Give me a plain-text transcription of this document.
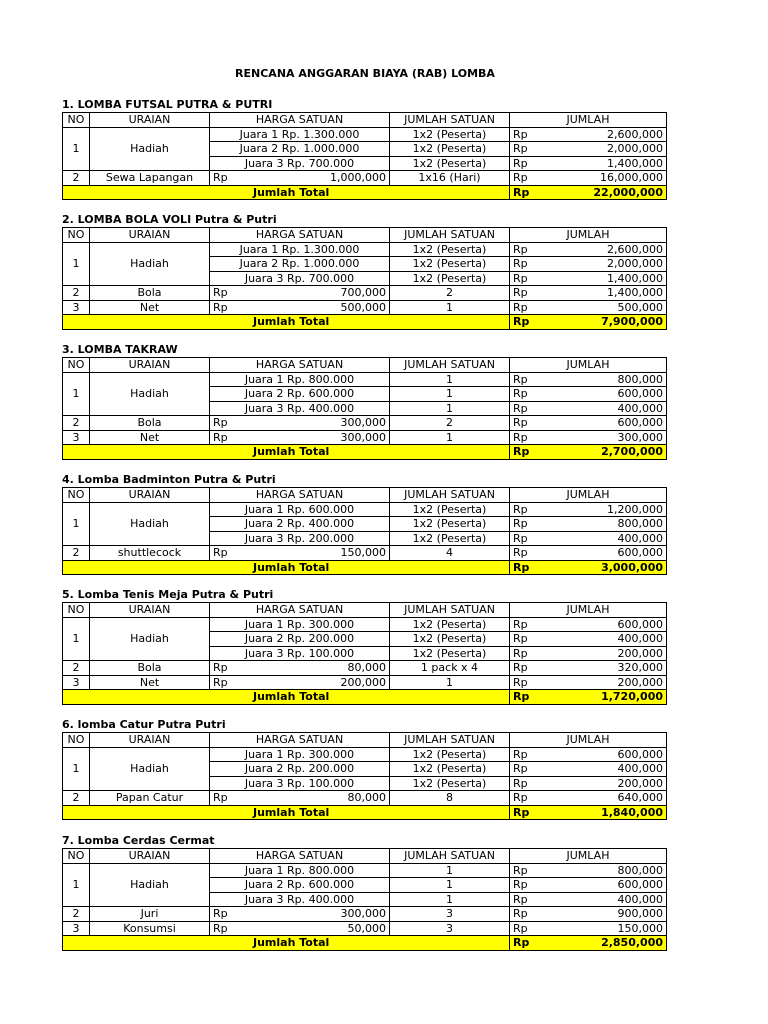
RENCANA ANGGARAN BIAYA (RAB) LOMBA
1. LOMBA FUTSAL PUTRA & PUTRI
NO	URAIAN	HARGA SATUAN	JUMLAH SATUAN	JUMLAH	
1	Hadiah	Juara 1 Rp. 1.300.000	1x2 (Peserta)	Rp	2,600,000
		Juara 2 Rp. 1.000.000	1x2 (Peserta)	Rp	2,000,000
		Juara 3 Rp. 700.000	1x2 (Peserta)	Rp	1,400,000
2	Sewa Lapangan	Rp 1,000,000	1x16 (Hari)	Rp	16,000,000
Jumlah Total				Rp	22,000,000
2. LOMBA BOLA VOLI Putra & Putri
NO	URAIAN	HARGA SATUAN	JUMLAH SATUAN	JUMLAH	
1	Hadiah	Juara 1 Rp. 1.300.000	1x2 (Peserta)	Rp	2,600,000
		Juara 2 Rp. 1.000.000	1x2 (Peserta)	Rp	2,000,000
		Juara 3 Rp. 700.000	1x2 (Peserta)	Rp	1,400,000
2	Bola	Rp 700,000	2	Rp	1,400,000
3	Net	Rp 500,000	1	Rp	500,000
Jumlah Total				Rp	7,900,000
3. LOMBA TAKRAW
NO	URAIAN	HARGA SATUAN	JUMLAH SATUAN	JUMLAH	
1	Hadiah	Juara 1 Rp. 800.000	1	Rp	800,000
		Juara 2 Rp. 600.000	1	Rp	600,000
		Juara 3 Rp. 400.000	1	Rp	400,000
2	Bola	Rp 300,000	2	Rp	600,000
3	Net	Rp 300,000	1	Rp	300,000
Jumlah Total				Rp	2,700,000
4. Lomba Badminton Putra & Putri
NO	URAIAN	HARGA SATUAN	JUMLAH SATUAN	JUMLAH	
1	Hadiah	Juara 1 Rp. 600.000	1x2 (Peserta)	Rp	1,200,000
		Juara 2 Rp. 400.000	1x2 (Peserta)	Rp	800,000
		Juara 3 Rp. 200.000	1x2 (Peserta)	Rp	400,000
2	shuttlecock	Rp 150,000	4	Rp	600,000
Jumlah Total				Rp	3,000,000
5. Lomba Tenis Meja Putra & Putri
NO	URAIAN	HARGA SATUAN	JUMLAH SATUAN	JUMLAH	
1	Hadiah	Juara 1 Rp. 300.000	1x2 (Peserta)	Rp	600,000
		Juara 2 Rp. 200.000	1x2 (Peserta)	Rp	400,000
		Juara 3 Rp. 100.000	1x2 (Peserta)	Rp	200,000
2	Bola	Rp 80,000	1 pack x 4	Rp	320,000
3	Net	Rp 200,000	1	Rp	200,000
Jumlah Total				Rp	1,720,000
6. lomba Catur Putra Putri
NO	URAIAN	HARGA SATUAN	JUMLAH SATUAN	JUMLAH	
1	Hadiah	Juara 1 Rp. 300.000	1x2 (Peserta)	Rp	600,000
		Juara 2 Rp. 200.000	1x2 (Peserta)	Rp	400,000
		Juara 3 Rp. 100.000	1x2 (Peserta)	Rp	200,000
2	Papan Catur	Rp 80,000	8	Rp	640,000
Jumlah Total				Rp	1,840,000
7. Lomba Cerdas Cermat
NO	URAIAN	HARGA SATUAN	JUMLAH SATUAN	JUMLAH	
1	Hadiah	Juara 1 Rp. 800.000	1	Rp	800,000
		Juara 2 Rp. 600.000	1	Rp	600,000
		Juara 3 Rp. 400.000	1	Rp	400,000
2	Juri	Rp 300,000	3	Rp	900,000
3	Konsumsi	Rp 50,000	3	Rp	150,000
Jumlah Total				Rp	2,850,000
